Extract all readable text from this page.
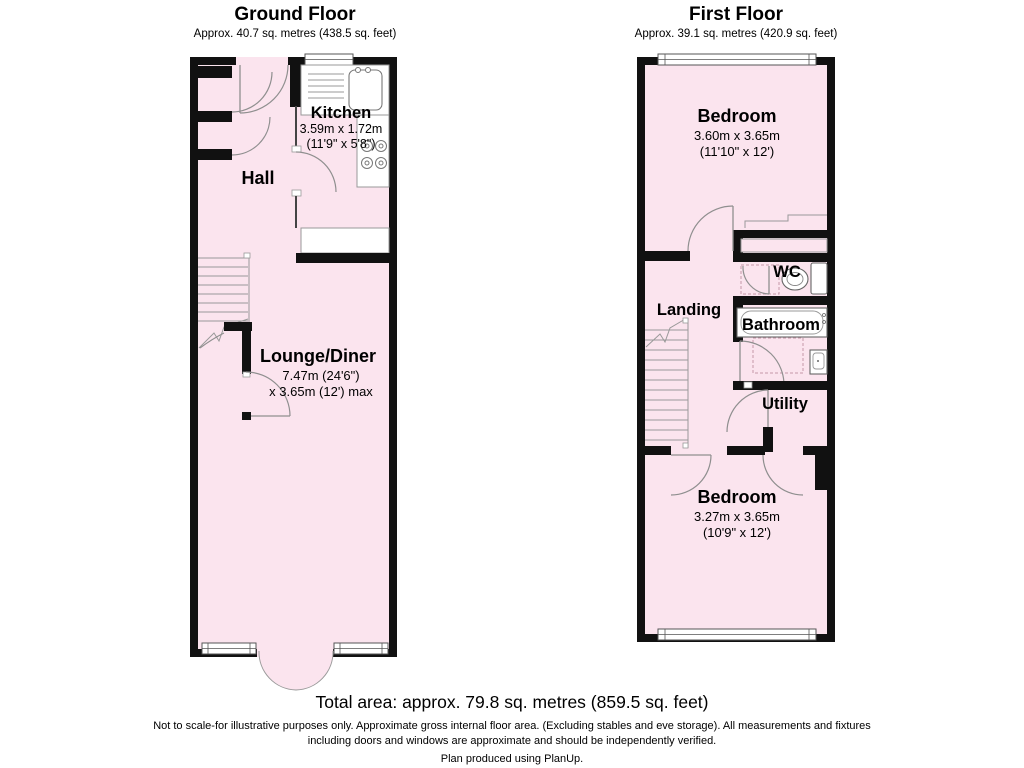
Ground Floor
Approx. 40.7 sq. metres (438.5 sq. feet)
First Floor
Approx. 39.1 sq. metres (420.9 sq. feet)
Hall
Kitchen
3.59m x 1.72m
(11'9" x 5'8")
Lounge/Diner
7.47m (24'6")
x 3.65m (12') max
Bedroom
3.60m x 3.65m
(11'10" x 12')
WC
Landing
Bathroom
Utility
Bedroom
3.27m x 3.65m
(10'9" x 12')
Total area: approx. 79.8 sq. metres (859.5 sq. feet)
Not to scale-for illustrative purposes only. Approximate gross internal floor area. (Excluding stables and eve storage). All measurements and fixtures including doors and windows are approximate and should be independently verified.
Plan produced using PlanUp.
